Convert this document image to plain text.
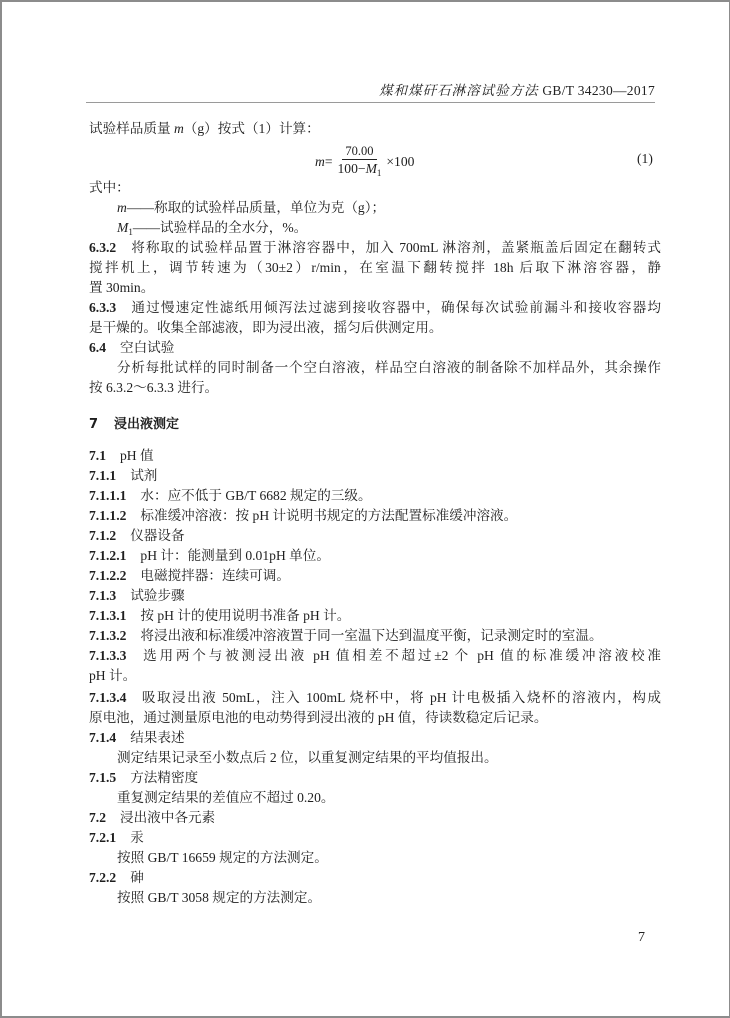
煤和煤矸石淋溶试验方法 GB/T 34230—2017
试验样品质量 m（g）按式（1）计算：
$m = \frac{70.00}{100-M_1} \times 100$	(1)
式中：
m——称取的试验样品质量，单位为克（g）；
$M_1——$试验样品的全水分，%。
6.3.2 将称取的试验样品置于淋溶容器中，加入 700mL 淋溶剂，盖紧瓶盖后固定在翻转式
搅拌机上，调节转速为（30±2）r/min，在室温下翻转搅拌 18h 后取下淋溶容器，静
置 30min。
6.3.3 通过慢速定性滤纸用倾泻法过滤到接收容器中，确保每次试验前漏斗和接收容器均
是干燥的。收集全部滤液，即为浸出液，摇匀后供测定用。
6.4 空白试验
分析每批试样的同时制备一个空白溶液，样品空白溶液的制备除不加样品外，其余操作
按 6.3.2～6.3.3 进行。
7 浸出液测定
7.1 pH 值
7.1.1 试剂
7.1.1.1 水：应不低于 GB/T 6682 规定的三级。
7.1.1.2 标准缓冲溶液：按 pH 计说明书规定的方法配置标准缓冲溶液。
7.1.2 仪器设备
7.1.2.1 pH 计：能测量到 0.01pH 单位。
7.1.2.2 电磁搅拌器：连续可调。
7.1.3 试验步骤
7.1.3.1 按 pH 计的使用说明书准备 pH 计。
7.1.3.2 将浸出液和标准缓冲溶液置于同一室温下达到温度平衡，记录测定时的室温。
7.1.3.3 选用两个与被测浸出液 pH 值相差不超过±2 个 pH 值的标准缓冲溶液校准
pH 计。
7.1.3.4 吸取浸出液 50mL，注入 100mL 烧杯中，将 pH 计电极插入烧杯的溶液内，构成
原电池，通过测量原电池的电动势得到浸出液的 pH 值，待读数稳定后记录。
7.1.4 结果表述
测定结果记录至小数点后 2 位，以重复测定结果的平均值报出。
7.1.5 方法精密度
重复测定结果的差值应不超过 0.20。
7.2 浸出液中各元素
7.2.1 汞
按照 GB/T 16659 规定的方法测定。
7.2.2 砷
按照 GB/T 3058 规定的方法测定。
7
